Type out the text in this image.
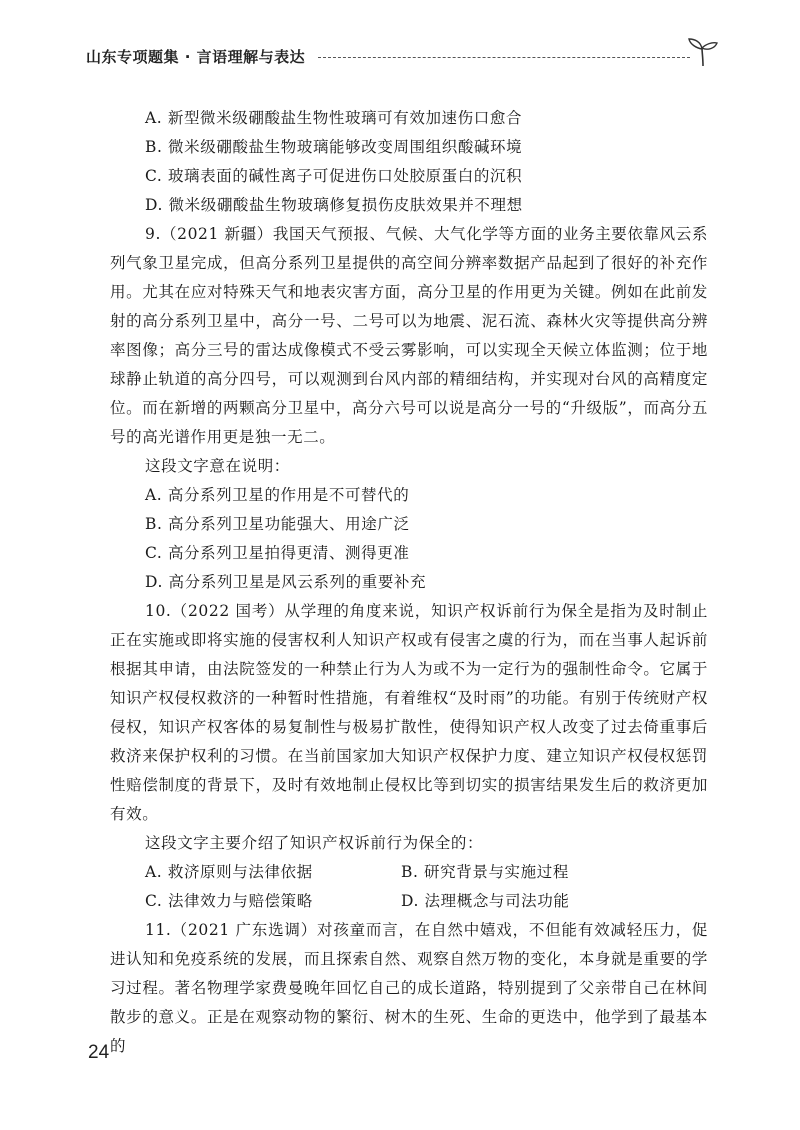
山东专项题集 · 言语理解与表达

A. 新型微米级硼酸盐生物性玻璃可有效加速伤口愈合

B. 微米级硼酸盐生物玻璃能够改变周围组织酸碱环境

C. 玻璃表面的碱性离子可促进伤口处胶原蛋白的沉积

D. 微米级硼酸盐生物玻璃修复损伤皮肤效果并不理想

9.（2021 新疆）我国天气预报、气候、大气化学等方面的业务主要依靠风云系列气象卫星完成，但高分系列卫星提供的高空间分辨率数据产品起到了很好的补充作用。尤其在应对特殊天气和地表灾害方面，高分卫星的作用更为关键。例如在此前发射的高分系列卫星中，高分一号、二号可以为地震、泥石流、森林火灾等提供高分辨率图像；高分三号的雷达成像模式不受云雾影响，可以实现全天候立体监测；位于地球静止轨道的高分四号，可以观测到台风内部的精细结构，并实现对台风的高精度定位。而在新增的两颗高分卫星中，高分六号可以说是高分一号的“升级版”，而高分五号的高光谱作用更是独一无二。

这段文字意在说明：

A. 高分系列卫星的作用是不可替代的

B. 高分系列卫星功能强大、用途广泛

C. 高分系列卫星拍得更清、测得更准

D. 高分系列卫星是风云系列的重要补充

10.（2022 国考）从学理的角度来说，知识产权诉前行为保全是指为及时制止正在实施或即将实施的侵害权利人知识产权或有侵害之虞的行为，而在当事人起诉前根据其申请，由法院签发的一种禁止行为人为或不为一定行为的强制性命令。它属于知识产权侵权救济的一种暂时性措施，有着维权“及时雨”的功能。有别于传统财产权侵权，知识产权客体的易复制性与极易扩散性，使得知识产权人改变了过去倚重事后救济来保护权利的习惯。在当前国家加大知识产权保护力度、建立知识产权侵权惩罚性赔偿制度的背景下，及时有效地制止侵权比等到切实的损害结果发生后的救济更加有效。

这段文字主要介绍了知识产权诉前行为保全的：

A. 救济原则与法律依据	B. 研究背景与实施过程
C. 法律效力与赔偿策略	D. 法理概念与司法功能

11.（2021 广东选调）对孩童而言，在自然中嬉戏，不但能有效减轻压力，促进认知和免疫系统的发展，而且探索自然、观察自然万物的变化，本身就是重要的学习过程。著名物理学家费曼晚年回忆自己的成长道路，特别提到了父亲带自己在林间散步的意义。正是在观察动物的繁衍、树木的生死、生命的更迭中，他学到了最基本的

24
